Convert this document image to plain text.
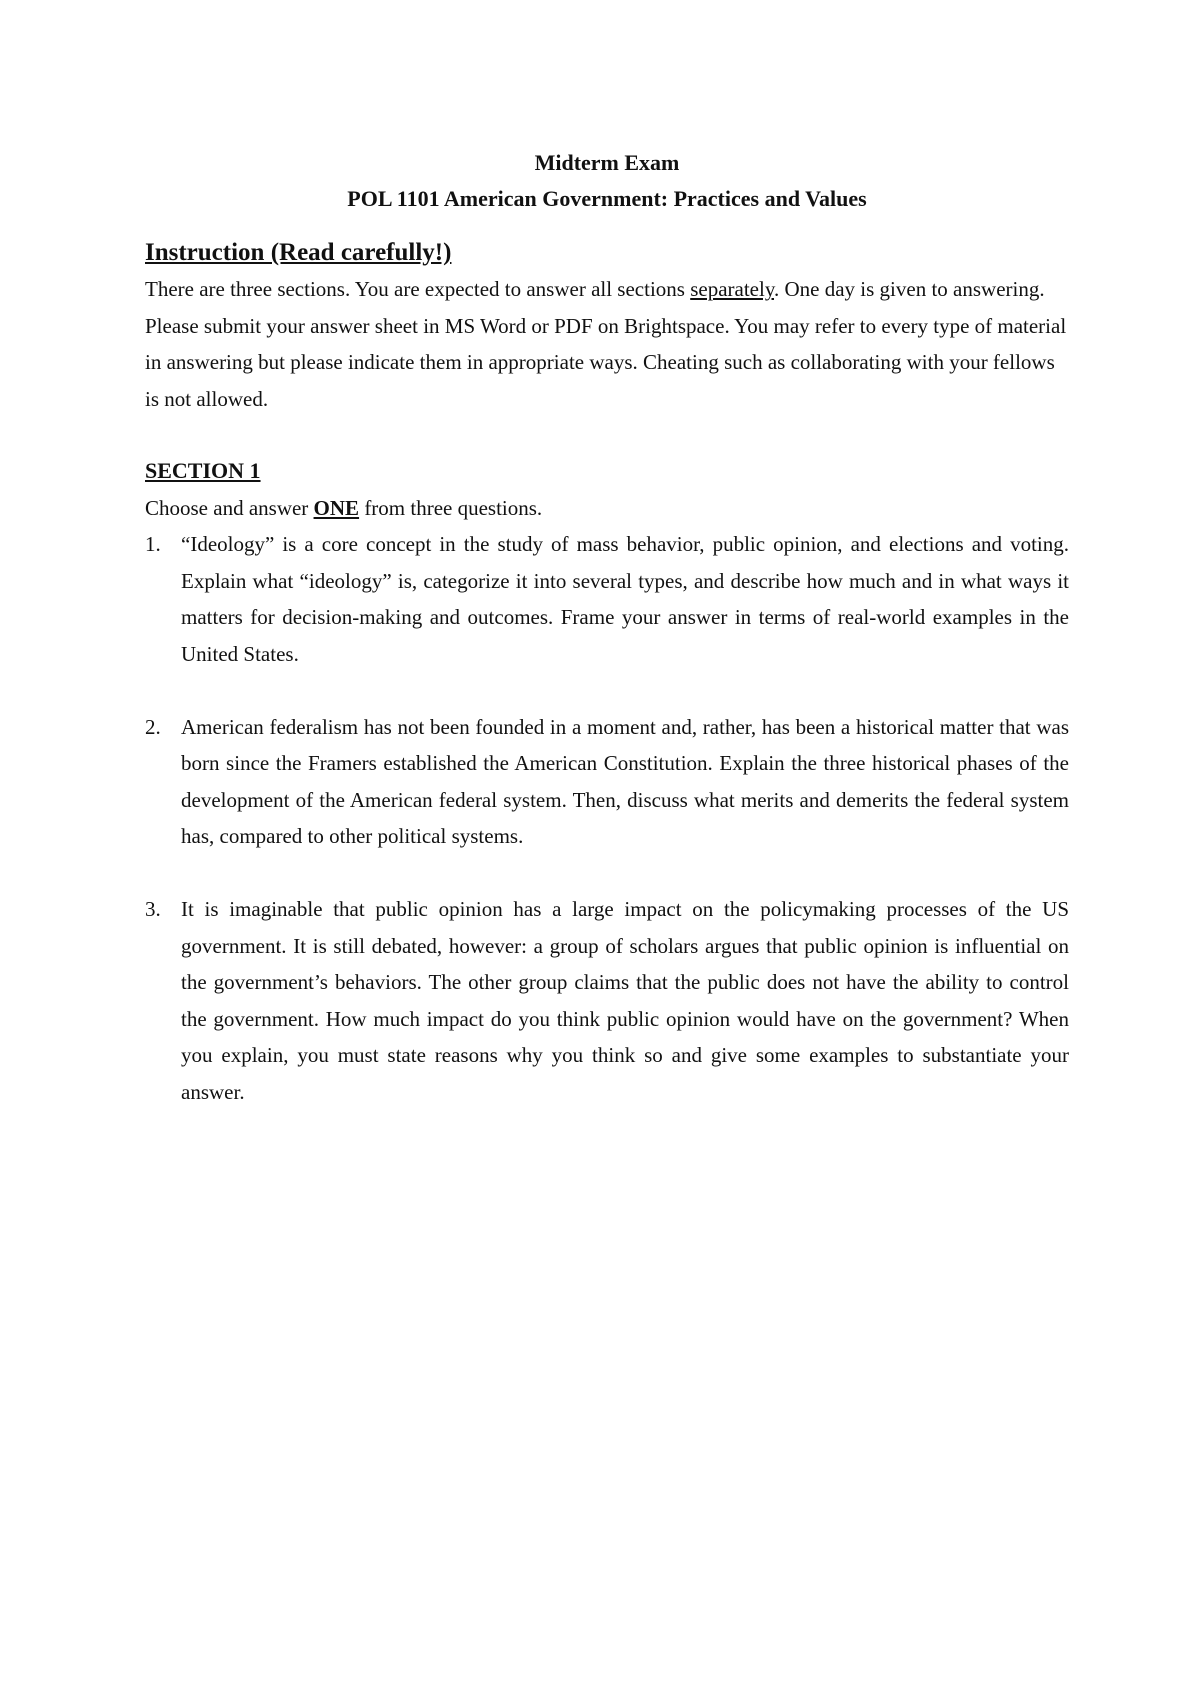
Midterm Exam

POL 1101 American Government: Practices and Values

Instruction (Read carefully!)

There are three sections. You are expected to answer all sections separately. One day is given to answering. Please submit your answer sheet in MS Word or PDF on Brightspace. You may refer to every type of material in answering but please indicate them in appropriate ways. Cheating such as collaborating with your fellows is not allowed.

SECTION 1

Choose and answer ONE from three questions.

1. “Ideology” is a core concept in the study of mass behavior, public opinion, and elections and voting. Explain what “ideology” is, categorize it into several types, and describe how much and in what ways it matters for decision-making and outcomes. Frame your answer in terms of real-world examples in the United States.
2. American federalism has not been founded in a moment and, rather, has been a historical matter that was born since the Framers established the American Constitution. Explain the three historical phases of the development of the American federal system. Then, discuss what merits and demerits the federal system has, compared to other political systems.
3. It is imaginable that public opinion has a large impact on the policymaking processes of the US government. It is still debated, however: a group of scholars argues that public opinion is influential on the government’s behaviors. The other group claims that the public does not have the ability to control the government. How much impact do you think public opinion would have on the government? When you explain, you must state reasons why you think so and give some examples to substantiate your answer.
